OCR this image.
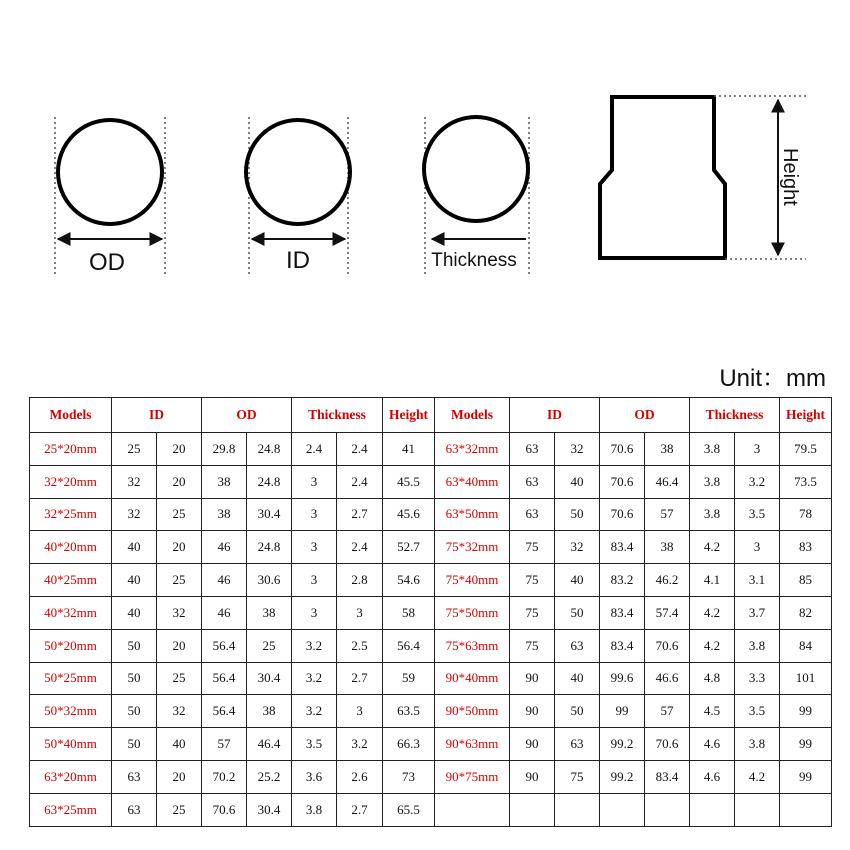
OD	ID	Thickness
Height
Unit：mm
Models	ID		OD		Thickness		Height	Models	ID		OD		Thickness		Height
25*20mm	25	20	29.8	24.8	2.4	2.4	41	63*32mm	63	32	70.6	38	3.8	3	79.5
32*20mm	32	20	38	24.8	3	2.4	45.5	63*40mm	63	40	70.6	46.4	3.8	3.2	73.5
32*25mm	32	25	38	30.4	3	2.7	45.6	63*50mm	63	50	70.6	57	3.8	3.5	78
40*20mm	40	20	46	24.8	3	2.4	52.7	75*32mm	75	32	83.4	38	4.2	3	83
40*25mm	40	25	46	30.6	3	2.8	54.6	75*40mm	75	40	83.2	46.2	4.1	3.1	85
40*32mm	40	32	46	38	3	3	58	75*50mm	75	50	83.4	57.4	4.2	3.7	82
50*20mm	50	20	56.4	25	3.2	2.5	56.4	75*63mm	75	63	83.4	70.6	4.2	3.8	84
50*25mm	50	25	56.4	30.4	3.2	2.7	59	90*40mm	90	40	99.6	46.6	4.8	3.3	101
50*32mm	50	32	56.4	38	3.2	3	63.5	90*50mm	90	50	99	57	4.5	3.5	99
50*40mm	50	40	57	46.4	3.5	3.2	66.3	90*63mm	90	63	99.2	70.6	4.6	3.8	99
63*20mm	63	20	70.2	25.2	3.6	2.6	73	90*75mm	90	75	99.2	83.4	4.6	4.2	99
63*25mm	63	25	70.6	30.4	3.8	2.7	65.5								
